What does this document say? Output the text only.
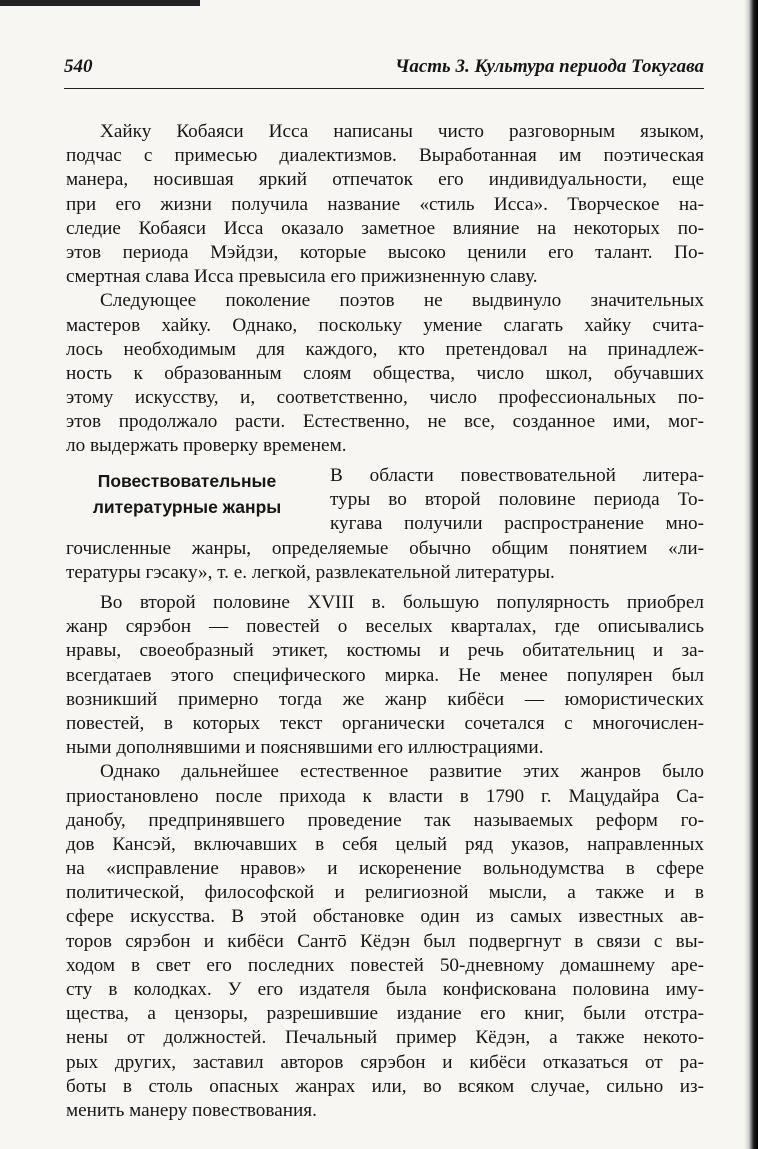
540	Часть 3. Культура периода Токугава
Хайку Кобаяси Исса написаны чисто разговорным языком,
подчас с примесью диалектизмов. Выработанная им поэтическая
манера, носившая яркий отпечаток его индивидуальности, еще
при его жизни получила название «стиль Исса». Творческое на-
следие Кобаяси Исса оказало заметное влияние на некоторых по-
этов периода Мэйдзи, которые высоко ценили его талант. По-
смертная слава Исса превысила его прижизненную славу.
Следующее поколение поэтов не выдвинуло значительных
мастеров хайку. Однако, поскольку умение слагать хайку счита-
лось необходимым для каждого, кто претендовал на принадлеж-
ность к образованным слоям общества, число школ, обучавших
этому искусству, и, соответственно, число профессиональных по-
этов продолжало расти. Естественно, не все, созданное ими, мог-
ло выдержать проверку временем.
Повествовательные
литературные жанры
В области повествовательной литера-
туры во второй половине периода То-
кугава получили распространение мно-
гочисленные жанры, определяемые обычно общим понятием «ли-
тературы гэсаку», т. е. легкой, развлекательной литературы.
Во второй половине XVIII в. большую популярность приобрел
жанр сярэбон — повестей о веселых кварталах, где описывались
нравы, своеобразный этикет, костюмы и речь обитательниц и за-
всегдатаев этого специфического мирка. Не менее популярен был
возникший примерно тогда же жанр кибёси — юмористических
повестей, в которых текст органически сочетался с многочислен-
ными дополнявшими и пояснявшими его иллюстрациями.
Однако дальнейшее естественное развитие этих жанров было
приостановлено после прихода к власти в 1790 г. Мацудайра Са-
данобу, предпринявшего проведение так называемых реформ го-
дов Кансэй, включавших в себя целый ряд указов, направленных
на «исправление нравов» и искоренение вольнодумства в сфере
политической, философской и религиозной мысли, а также и в
сфере искусства. В этой обстановке один из самых известных ав-
торов сярэбон и кибёси Сантō Кёдэн был подвергнут в связи с вы-
ходом в свет его последних повестей 50-дневному домашнему аре-
сту в колодках. У его издателя была конфискована половина иму-
щества, а цензоры, разрешившие издание его книг, были отстра-
нены от должностей. Печальный пример Кёдэн, а также некото-
рых других, заставил авторов сярэбон и кибёси отказаться от ра-
боты в столь опасных жанрах или, во всяком случае, сильно из-
менить манеру повествования.
